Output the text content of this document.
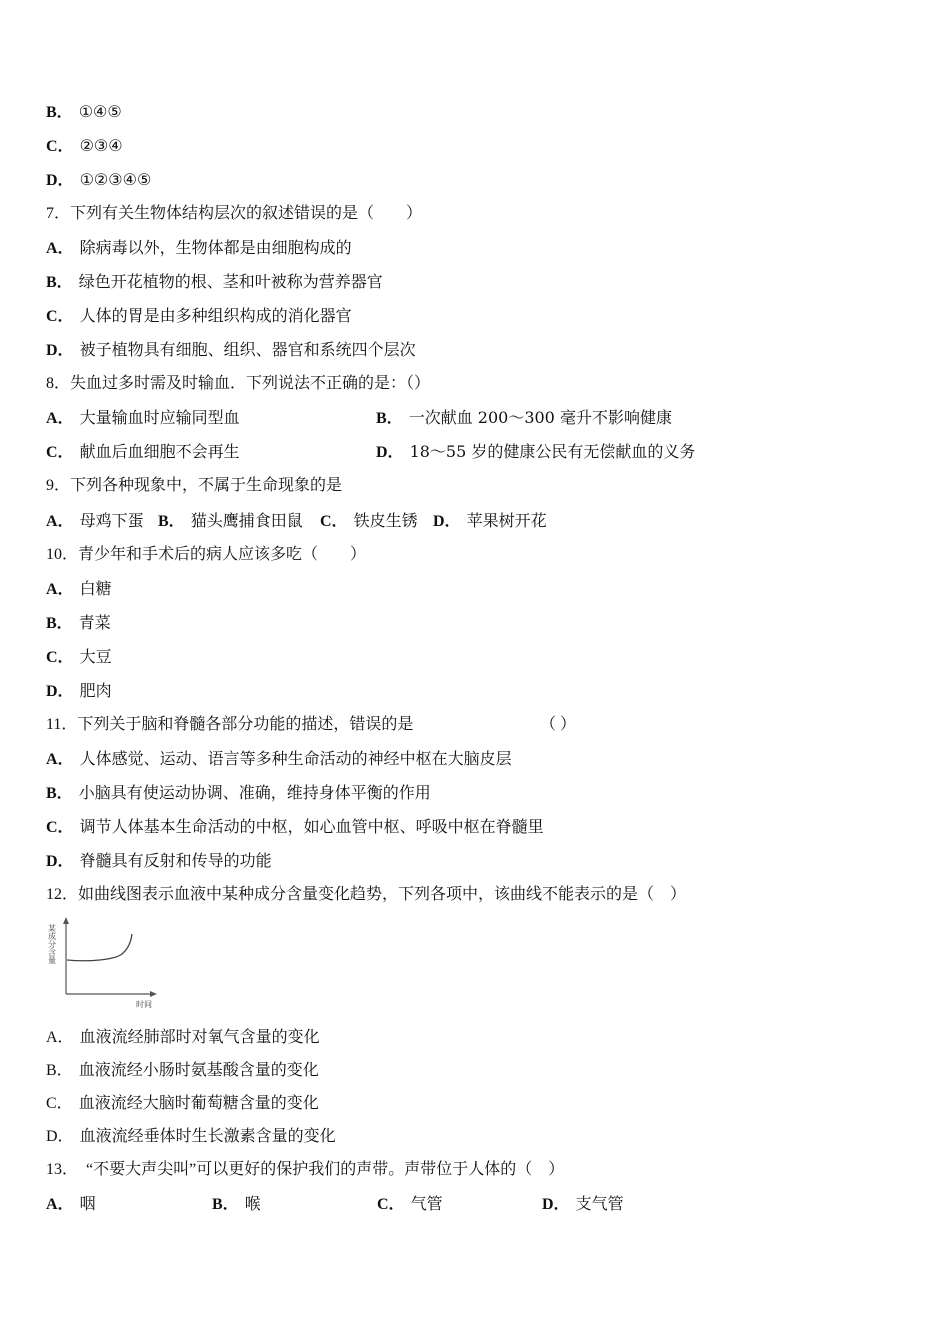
B． ①④⑤
C． ②③④
D． ①②③④⑤
7．下列有关生物体结构层次的叙述错误的是（　　）
A． 除病毒以外，生物体都是由细胞构成的
B． 绿色开花植物的根、茎和叶被称为营养器官
C． 人体的胃是由多种组织构成的消化器官
D． 被子植物具有细胞、组织、器官和系统四个层次
8．失血过多时需及时输血．下列说法不正确的是：（）
A． 大量输血时应输同型血	B． 一次献血 200～300 毫升不影响健康
C． 献血后血细胞不会再生	D． 18～55 岁的健康公民有无偿献血的义务
9．下列各种现象中，不属于生命现象的是
A． 母鸡下蛋 B． 猫头鹰捕食田鼠 C． 铁皮生锈 D． 苹果树开花
10．青少年和手术后的病人应该多吃（　　）
A． 白糖
B． 青菜
C． 大豆
D． 肥肉
11．下列关于脑和脊髓各部分功能的描述，错误的是	（ ）
A． 人体感觉、运动、语言等多种生命活动的神经中枢在大脑皮层
B． 小脑具有使运动协调、准确，维持身体平衡的作用
C． 调节人体基本生命活动的中枢，如心血管中枢、呼吸中枢在脊髓里
D． 脊髓具有反射和传导的功能
12．如曲线图表示血液中某种成分含量变化趋势，下列各项中，该曲线不能表示的是（　）
某成分含量
时间
A． 血液流经肺部时对氧气含量的变化
B． 血液流经小肠时氨基酸含量的变化
C． 血液流经大脑时葡萄糖含量的变化
D． 血液流经垂体时生长激素含量的变化
13．　“不要大声尖叫”可以更好的保护我们的声带。声带位于人体的（　）
A． 咽	B． 喉	C． 气管	D． 支气管
